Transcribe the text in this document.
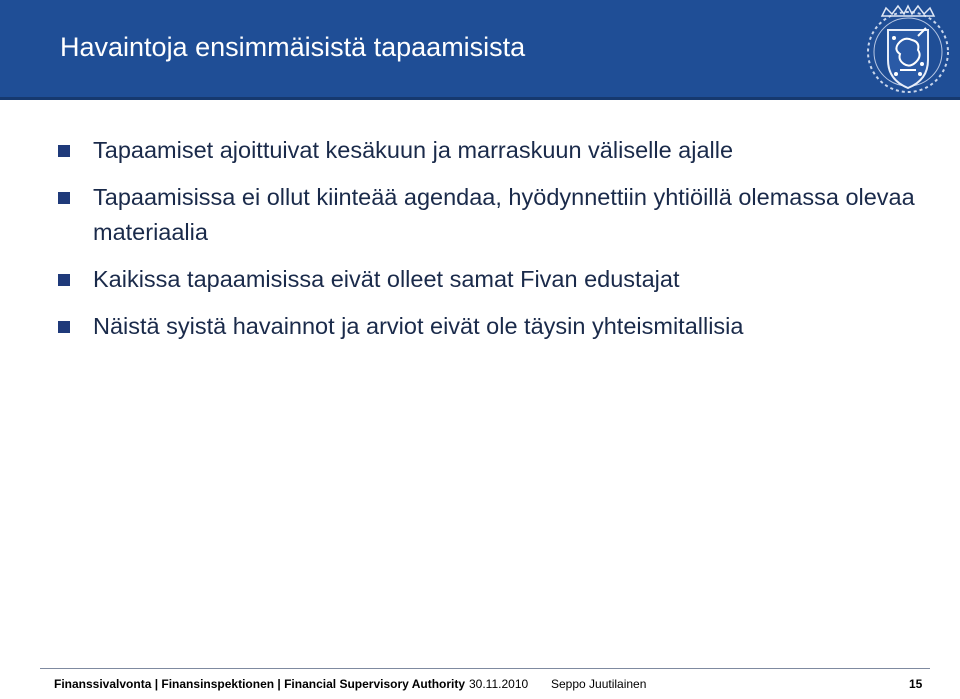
Havaintoja ensimmäisistä tapaamisista
Tapaamiset ajoittuivat kesäkuun ja marraskuun väliselle ajalle
Tapaamisissa ei ollut kiinteää agendaa, hyödynnettiin yhtiöillä olemassa olevaa materiaalia
Kaikissa tapaamisissa eivät olleet samat Fivan edustajat
Näistä syistä havainnot ja arviot eivät ole täysin yhteismitallisia
Finanssivalvonta | Finansinspektionen | Financial Supervisory Authority 30.11.2010 Seppo Juutilainen	15
